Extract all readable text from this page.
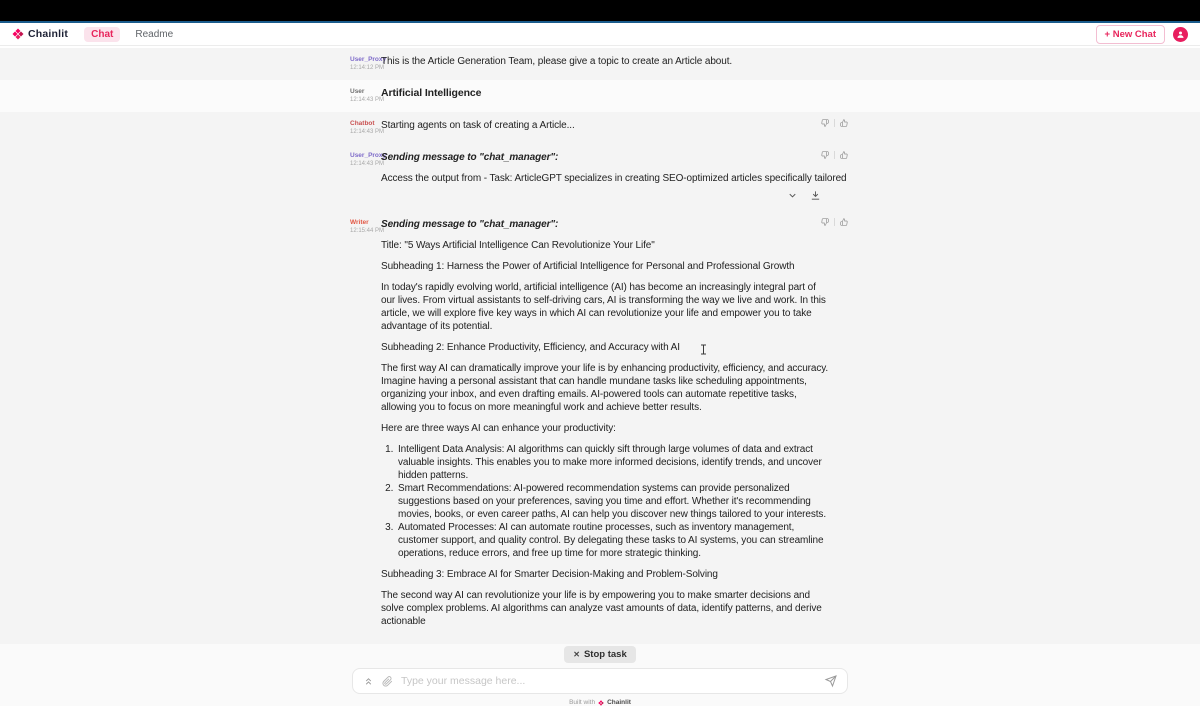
Chainlit	Chat	Readme	+ New Chat
User_Proxy
12:14:12 PM

This is the Article Generation Team, please give a topic to create an Article about.

User
12:14:43 PM

Artificial Intelligence

Chatbot
12:14:43 PM

Starting agents on task of creating a Article...

User_Proxy
12:14:43 PM

Sending message to "chat_manager":

Access the output from - Task: ArticleGPT specializes in creating SEO-optimized articles specifically tailored

Writer
12:15:44 PM

Sending message to "chat_manager":

Title: "5 Ways Artificial Intelligence Can Revolutionize Your Life"

Subheading 1: Harness the Power of Artificial Intelligence for Personal and Professional Growth

In today's rapidly evolving world, artificial intelligence (AI) has become an increasingly integral part of our lives. From virtual assistants to self-driving cars, AI is transforming the way we live and work. In this article, we will explore five key ways in which AI can revolutionize your life and empower you to take advantage of its potential.

Subheading 2: Enhance Productivity, Efficiency, and Accuracy with AI

The first way AI can dramatically improve your life is by enhancing productivity, efficiency, and accuracy. Imagine having a personal assistant that can handle mundane tasks like scheduling appointments, organizing your inbox, and even drafting emails. AI-powered tools can automate repetitive tasks, allowing you to focus on more meaningful work and achieve better results.

Here are three ways AI can enhance your productivity:

1. Intelligent Data Analysis: AI algorithms can quickly sift through large volumes of data and extract valuable insights. This enables you to make more informed decisions, identify trends, and uncover hidden patterns.
2. Smart Recommendations: AI-powered recommendation systems can provide personalized suggestions based on your preferences, saving you time and effort. Whether it's recommending movies, books, or even career paths, AI can help you discover new things tailored to your interests.
3. Automated Processes: AI can automate routine processes, such as inventory management, customer support, and quality control. By delegating these tasks to AI systems, you can streamline operations, reduce errors, and free up time for more strategic thinking.

Subheading 3: Embrace AI for Smarter Decision-Making and Problem-Solving

The second way AI can revolutionize your life is by empowering you to make smarter decisions and solve complex problems. AI algorithms can analyze vast amounts of data, identify patterns, and derive actionable

✕ Stop task
Type your message here...
Built with Chainlit
